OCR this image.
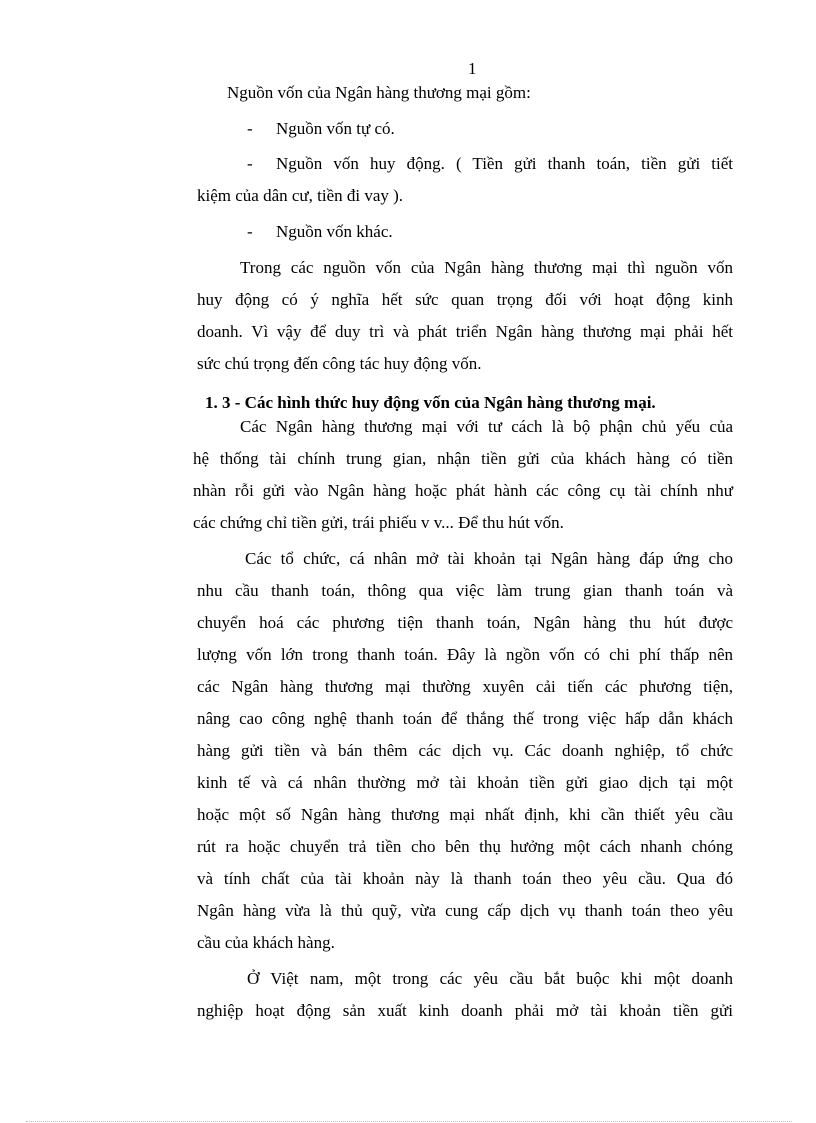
1
Nguồn vốn của Ngân hàng thương mại gồm:
- Nguồn vốn tự có.
- Nguồn vốn huy động. ( Tiền gửi thanh toán, tiền gửi tiết
kiệm của dân cư, tiền đi vay ).
- Nguồn vốn khác.
Trong các nguồn vốn của Ngân hàng thương mại thì nguồn vốn
huy động có ý nghĩa hết sức quan trọng đối với hoạt động kinh
doanh. Vì vậy để duy trì và phát triển Ngân hàng thương mại phải hết
sức chú trọng đến công tác huy động vốn.
1. 3 - Các hình thức huy động vốn của Ngân hàng thương mại.
Các Ngân hàng thương mại với tư cách là bộ phận chủ yếu của
hệ thống tài chính trung gian, nhận tiền gửi của khách hàng có tiền
nhàn rỗi gửi vào Ngân hàng hoặc phát hành các công cụ tài chính như
các chứng chỉ tiền gửi, trái phiếu v v... Để thu hút vốn.
Các tổ chức, cá nhân mở tài khoản tại Ngân hàng đáp ứng cho
nhu cầu thanh toán, thông qua việc làm trung gian thanh toán và
chuyển hoá các phương tiện thanh toán, Ngân hàng thu hút được
lượng vốn lớn trong thanh toán. Đây là ngồn vốn có chi phí thấp nên
các Ngân hàng thương mại thường xuyên cải tiến các phương tiện,
nâng cao công nghệ thanh toán để thắng thế trong việc hấp dẫn khách
hàng gửi tiền và bán thêm các dịch vụ. Các doanh nghiệp, tổ chức
kinh tế và cá nhân thường mở tài khoản tiền gửi giao dịch tại một
hoặc một số Ngân hàng thương mại nhất định, khi cần thiết yêu cầu
rút ra hoặc chuyển trả tiền cho bên thụ hưởng một cách nhanh chóng
và tính chất của tài khoản này là thanh toán theo yêu cầu. Qua đó
Ngân hàng vừa là thủ quỹ, vừa cung cấp dịch vụ thanh toán theo yêu
cầu của khách hàng.
Ở Việt nam, một trong các yêu cầu bắt buộc khi một doanh
nghiệp hoạt động sản xuất kinh doanh phải mở tài khoản tiền gửi
